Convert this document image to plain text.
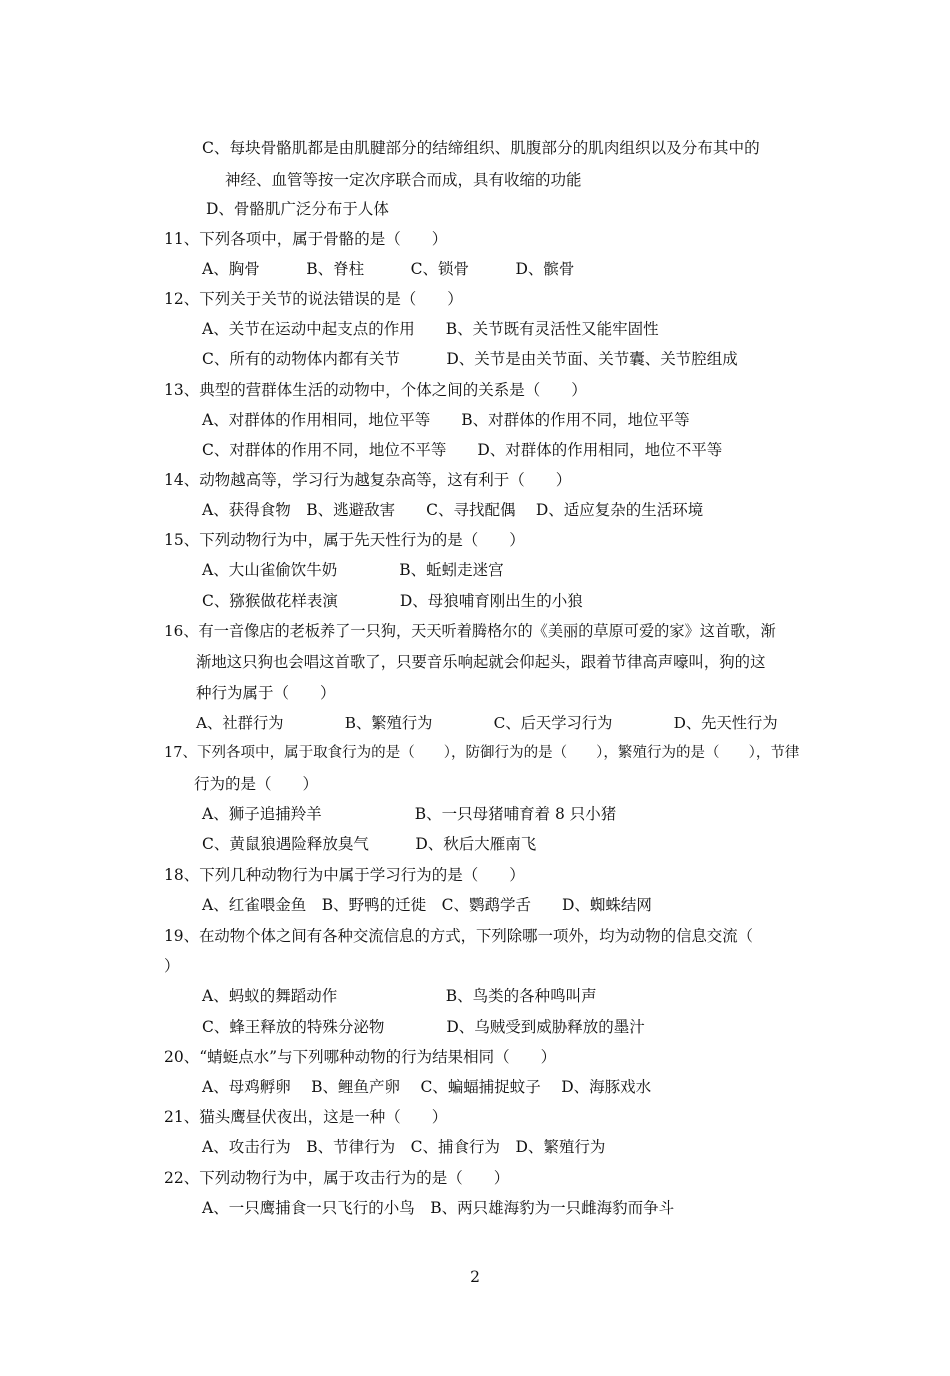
C、每块骨骼肌都是由肌腱部分的结缔组织、肌腹部分的肌肉组织以及分布其中的
神经、血管等按一定次序联合而成，具有收缩的功能
D、骨骼肌广泛分布于人体
11、下列各项中，属于骨骼的是（　　）
A、胸骨　　　B、脊柱　　　C、锁骨　　　D、髌骨
12、下列关于关节的说法错误的是（　　）
A、关节在运动中起支点的作用　　B、关节既有灵活性又能牢固性
C、所有的动物体内都有关节　　　D、关节是由关节面、关节囊、关节腔组成
13、典型的营群体生活的动物中，个体之间的关系是（　　）
A、对群体的作用相同，地位平等　　B、对群体的作用不同，地位平等
C、对群体的作用不同，地位不平等　　D、对群体的作用相同，地位不平等
14、动物越高等，学习行为越复杂高等，这有利于（　　）
A、获得食物　B、逃避敌害　　C、寻找配偶　 D、适应复杂的生活环境
15、下列动物行为中，属于先天性行为的是（　　）
A、大山雀偷饮牛奶　　　　B、蚯蚓走迷宫
C、猕猴做花样表演　　　　D、母狼哺育刚出生的小狼
16、有一音像店的老板养了一只狗，天天听着腾格尔的《美丽的草原可爱的家》这首歌，渐
渐地这只狗也会唱这首歌了，只要音乐响起就会仰起头，跟着节律高声嚎叫，狗的这
种行为属于（　　）
A、社群行为　　　　B、繁殖行为　　　　C、后天学习行为　　　　D、先天性行为
17、下列各项中，属于取食行为的是（　　），防御行为的是（　　），繁殖行为的是（　　），节律
行为的是（　　）
A、狮子追捕羚羊　　　　　　B、一只母猪哺育着 8 只小猪
C、黄鼠狼遇险释放臭气　　　D、秋后大雁南飞
18、下列几种动物行为中属于学习行为的是（　　）
A、红雀喂金鱼　B、野鸭的迁徙　C、鹦鹉学舌　　D、蜘蛛结网
19、在动物个体之间有各种交流信息的方式，下列除哪一项外，均为动物的信息交流（
）
A、蚂蚁的舞蹈动作　　　　　　　B、鸟类的各种鸣叫声
C、蜂王释放的特殊分泌物　　　　D、乌贼受到威胁释放的墨汁
20、“蜻蜓点水”与下列哪种动物的行为结果相同（　　）
A、母鸡孵卵　 B、鲤鱼产卵　 C、蝙蝠捕捉蚊子　 D、海豚戏水
21、猫头鹰昼伏夜出，这是一种（　　）
A、攻击行为　B、节律行为　C、捕食行为　D、繁殖行为
22、下列动物行为中，属于攻击行为的是（　　）
A、一只鹰捕食一只飞行的小鸟　B、两只雄海豹为一只雌海豹而争斗
2
